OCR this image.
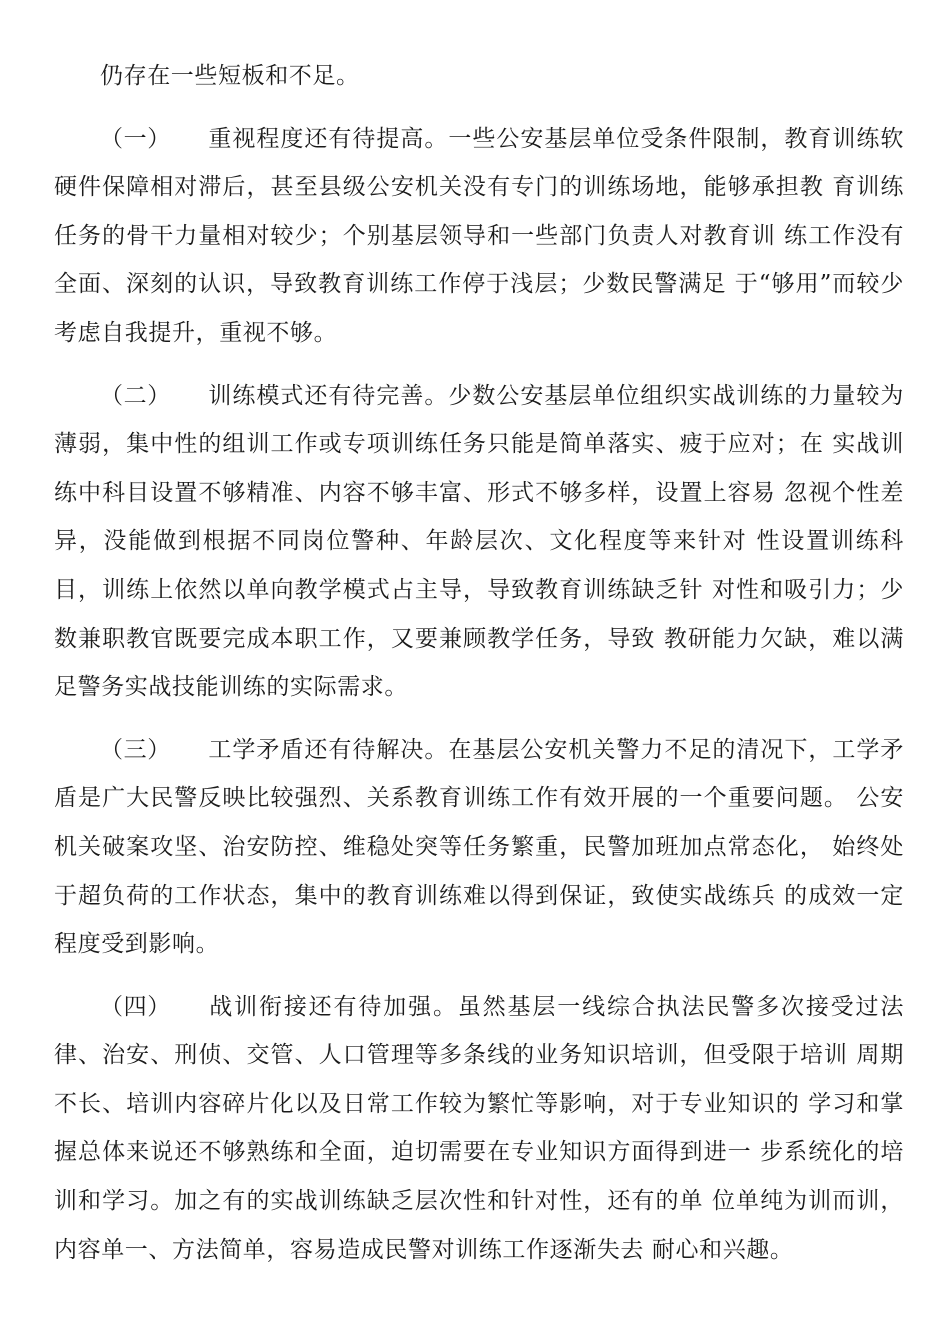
仍存在一些短板和不足。

（一） 重视程度还有待提高。一些公安基层单位受条件限制，教育训练软硬件保障相对滞后，甚至县级公安机关没有专门的训练场地，能够承担教 育训练任务的骨干力量相对较少；个别基层领导和一些部门负责人对教育训 练工作没有全面、深刻的认识，导致教育训练工作停于浅层；少数民警满足 于“够用”而较少考虑自我提升，重视不够。

（二） 训练模式还有待完善。少数公安基层单位组织实战训练的力量较为薄弱，集中性的组训工作或专项训练任务只能是简单落实、疲于应对；在 实战训练中科目设置不够精准、内容不够丰富、形式不够多样，设置上容易 忽视个性差异，没能做到根据不同岗位警种、年龄层次、文化程度等来针对 性设置训练科目，训练上依然以单向教学模式占主导，导致教育训练缺乏针 对性和吸引力；少数兼职教官既要完成本职工作，又要兼顾教学任务，导致 教研能力欠缺，难以满足警务实战技能训练的实际需求。

（三） 工学矛盾还有待解决。在基层公安机关警力不足的清况下，工学矛盾是广大民警反映比较强烈、关系教育训练工作有效开展的一个重要问题。 公安机关破案攻坚、治安防控、维稳处突等任务繁重，民警加班加点常态化， 始终处于超负荷的工作状态，集中的教育训练难以得到保证，致使实战练兵 的成效一定程度受到影响。

（四） 战训衔接还有待加强。虽然基层一线综合执法民警多次接受过法律、治安、刑侦、交管、人口管理等多条线的业务知识培训，但受限于培训 周期不长、培训内容碎片化以及日常工作较为繁忙等影响，对于专业知识的 学习和掌握总体来说还不够熟练和全面，迫切需要在专业知识方面得到进一 步系统化的培训和学习。加之有的实战训练缺乏层次性和针对性，还有的单 位单纯为训而训，内容单一、方法简单，容易造成民警对训练工作逐渐失去 耐心和兴趣。
